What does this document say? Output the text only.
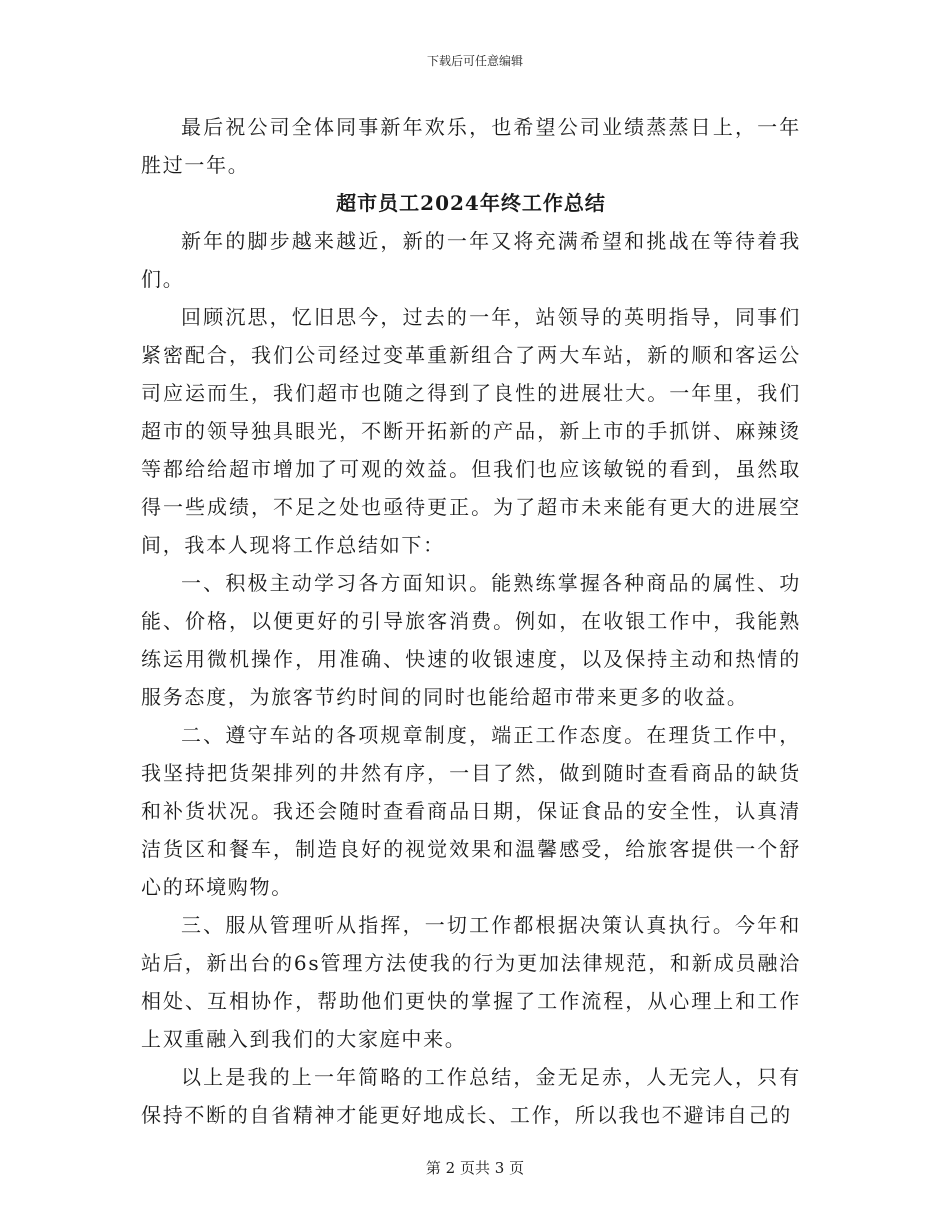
下载后可任意编辑

最后祝公司全体同事新年欢乐，也希望公司业绩蒸蒸日上，一年胜过一年。

超市员工2024年终工作总结

新年的脚步越来越近，新的一年又将充满希望和挑战在等待着我们。

回顾沉思，忆旧思今，过去的一年，站领导的英明指导，同事们紧密配合，我们公司经过变革重新组合了两大车站，新的顺和客运公司应运而生，我们超市也随之得到了良性的进展壮大。一年里，我们超市的领导独具眼光，不断开拓新的产品，新上市的手抓饼、麻辣烫等都给给超市增加了可观的效益。但我们也应该敏锐的看到，虽然取得一些成绩，不足之处也亟待更正。为了超市未来能有更大的进展空间，我本人现将工作总结如下：

一、积极主动学习各方面知识。能熟练掌握各种商品的属性、功能、价格，以便更好的引导旅客消费。例如，在收银工作中，我能熟练运用微机操作，用准确、快速的收银速度，以及保持主动和热情的服务态度，为旅客节约时间的同时也能给超市带来更多的收益。

二、遵守车站的各项规章制度，端正工作态度。在理货工作中，我坚持把货架排列的井然有序，一目了然，做到随时查看商品的缺货和补货状况。我还会随时查看商品日期，保证食品的安全性，认真清洁货区和餐车，制造良好的视觉效果和温馨感受，给旅客提供一个舒心的环境购物。

三、服从管理听从指挥，一切工作都根据决策认真执行。今年和站后，新出台的6s管理方法使我的行为更加法律规范，和新成员融洽相处、互相协作，帮助他们更快的掌握了工作流程，从心理上和工作上双重融入到我们的大家庭中来。

以上是我的上一年简略的工作总结，金无足赤，人无完人，只有保持不断的自省精神才能更好地成长、工作，所以我也不避讳自己的

第 2 页共 3 页
